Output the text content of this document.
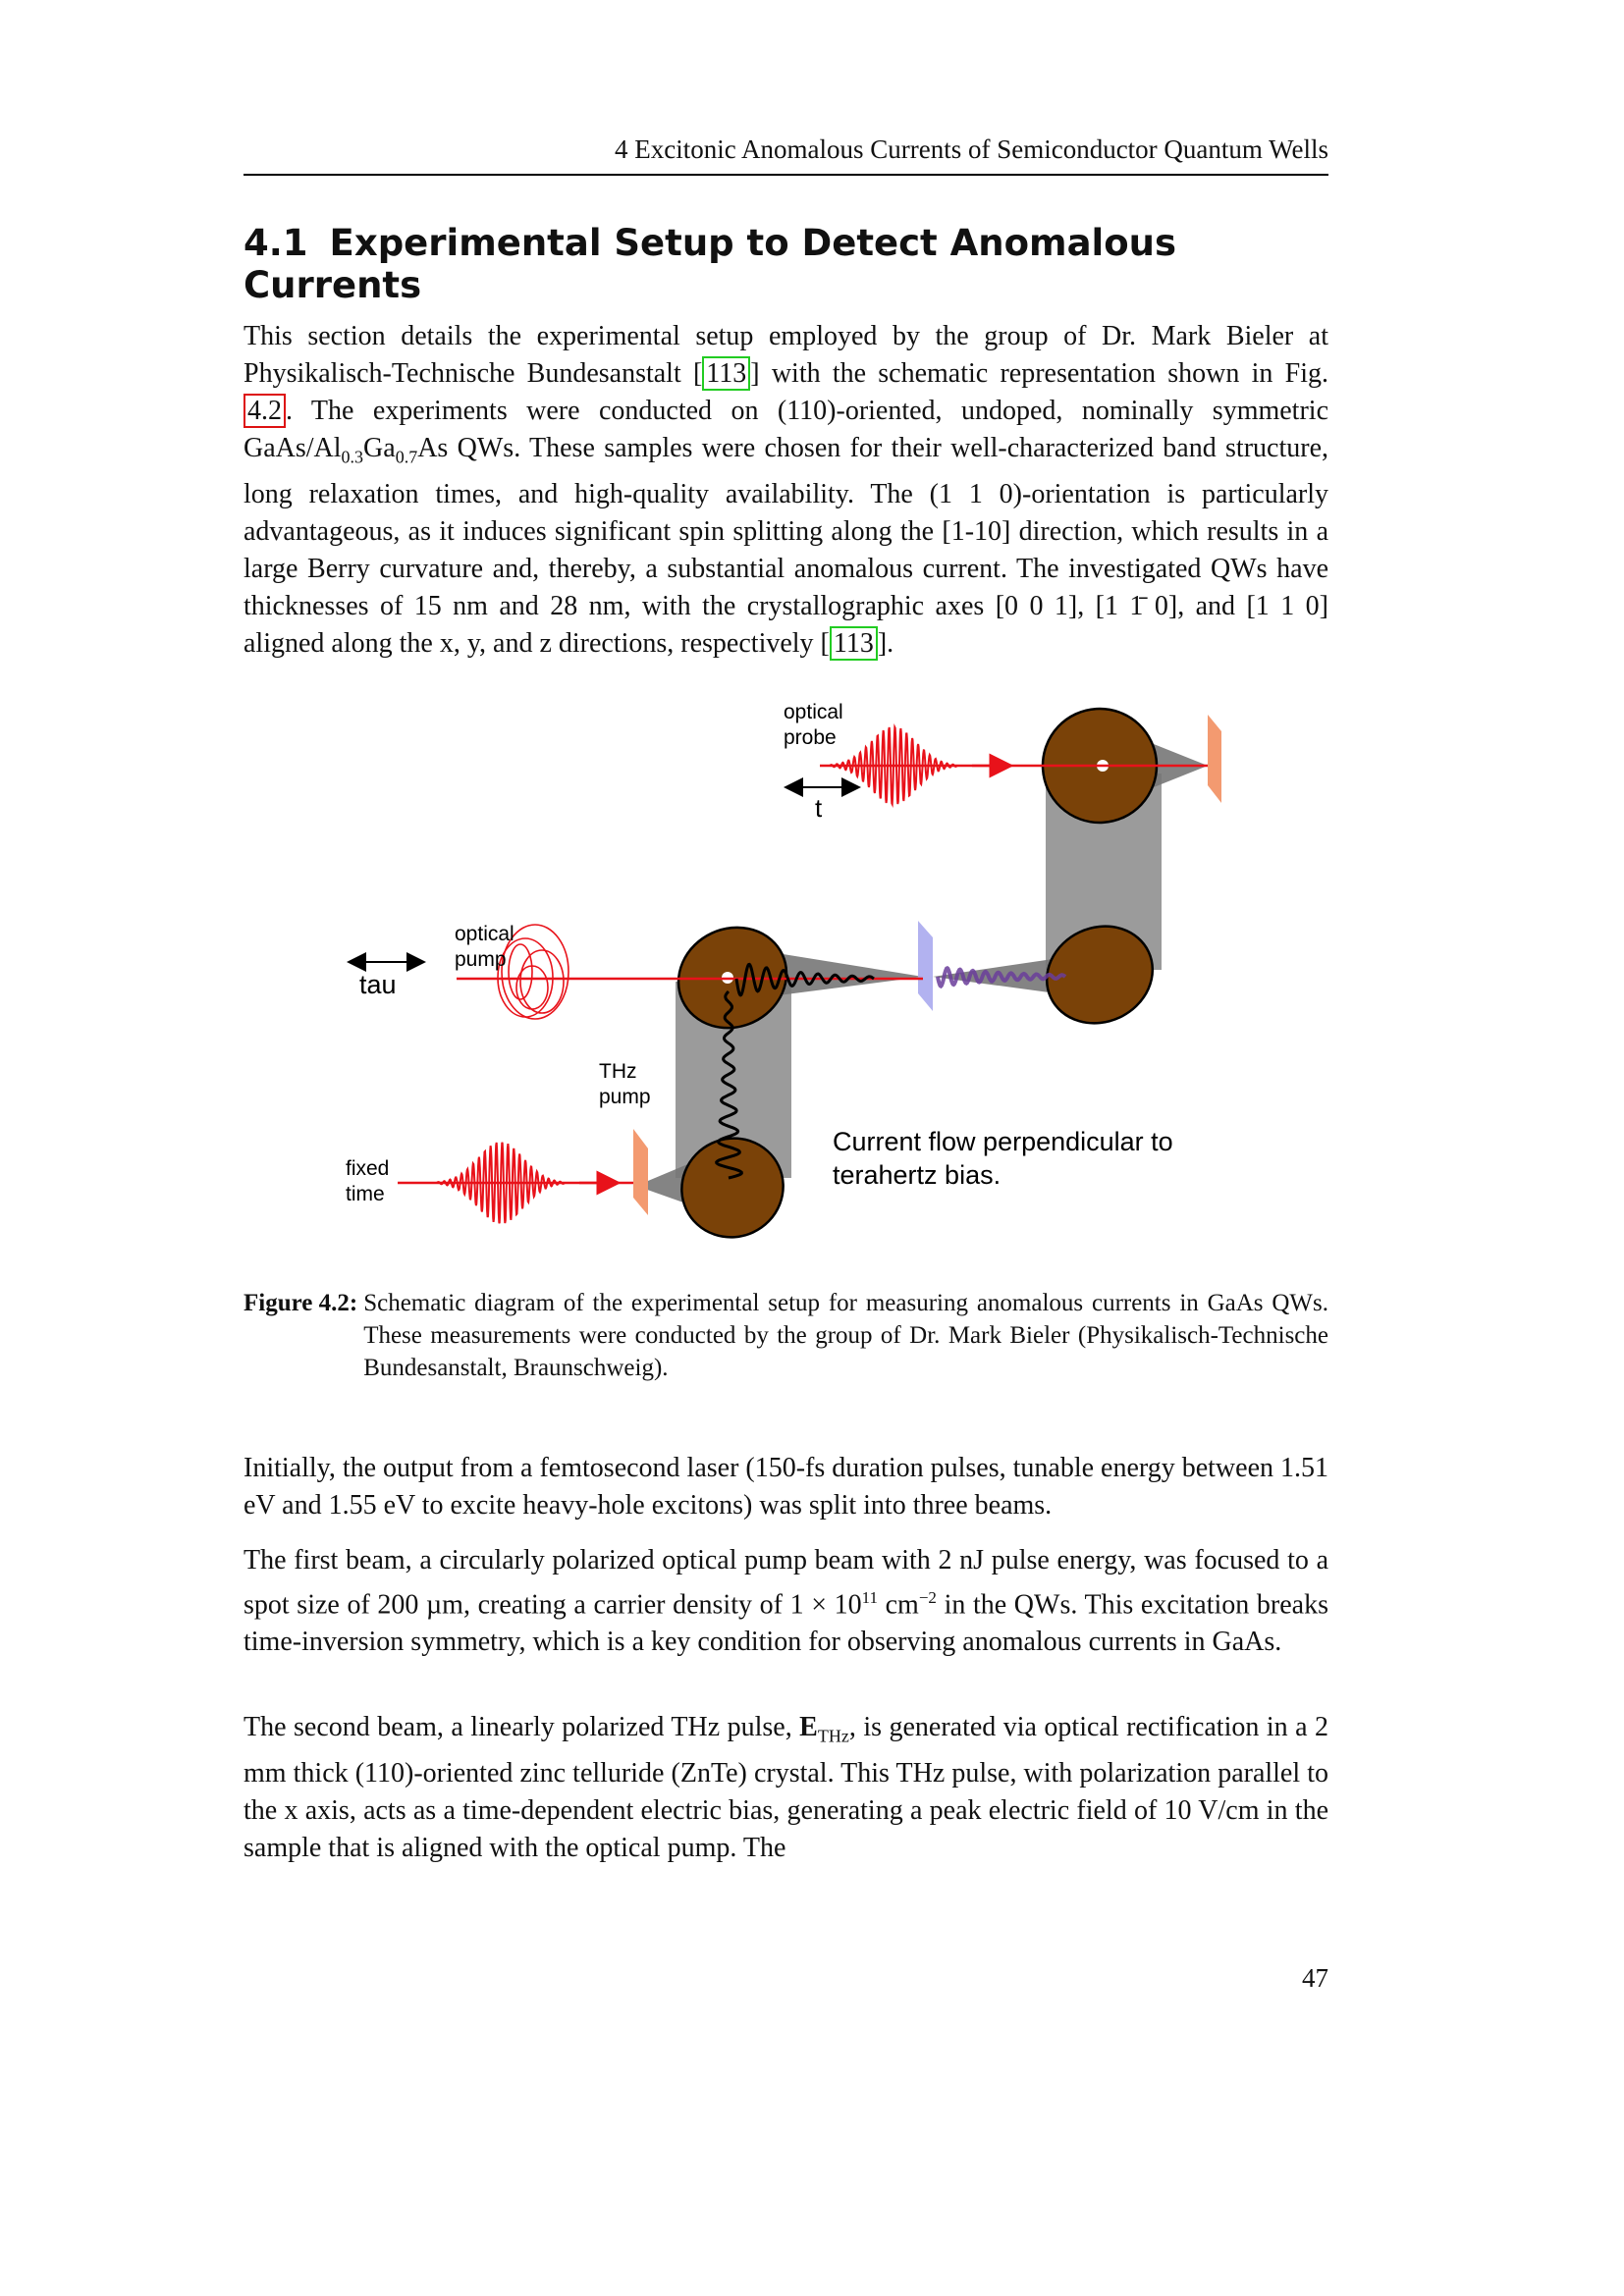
4 Excitonic Anomalous Currents of Semiconductor Quantum Wells
4.1 Experimental Setup to Detect Anomalous Currents

This section details the experimental setup employed by the group of Dr. Mark Bieler at Physikalisch-Technische Bundesanstalt [ 113 ] with the schematic representation shown in Fig. 4.2 . The experiments were conducted on (110)-oriented, undoped, nominally symmetric GaAs/$Al_{0.3}Ga_{0.7}As$ QWs. These samples were chosen for their well-characterized band structure, long relaxation times, and high-quality availability. The (1 1 0)-orientation is particularly advantageous, as it induces significant spin splitting along the [1-10] direction, which results in a large Berry curvature and, thereby, a substantial anomalous current. The investigated QWs have thicknesses of 15 nm and 28 nm, with the crystallographic axes [0 0 1], [1 1̄ 0], and [1 1 0] aligned along the x, y, and z directions, respectively [ 113 ].

optical
probe
t
optical
pump
tau
THz
pump
fixed
time
Current flow perpendicular to
terahertz bias.
Figure 4.2: Schematic diagram of the experimental setup for measuring anomalous currents in GaAs QWs. These measurements were conducted by the group of Dr. Mark Bieler (Physikalisch-Technische Bundesanstalt, Braunschweig).

Initially, the output from a femtosecond laser (150-fs duration pulses, tunable energy between 1.51 eV and 1.55 eV to excite heavy-hole excitons) was split into three beams.

The first beam, a circularly polarized optical pump beam with 2 nJ pulse energy, was focused to a spot size of 200 µm, creating a carrier density of $1 \times 10^{11}$ $cm^{-2}$ in the QWs. This excitation breaks time-inversion symmetry, which is a key condition for observing anomalous currents in GaAs.

The second beam, a linearly polarized THz pulse, $E_{THz}$, is generated via optical rectification in a 2 mm thick (110)-oriented zinc telluride (ZnTe) crystal. This THz pulse, with polarization parallel to the x axis, acts as a time-dependent electric bias, generating a peak electric field of 10 V/cm in the sample that is aligned with the optical pump. The

47
